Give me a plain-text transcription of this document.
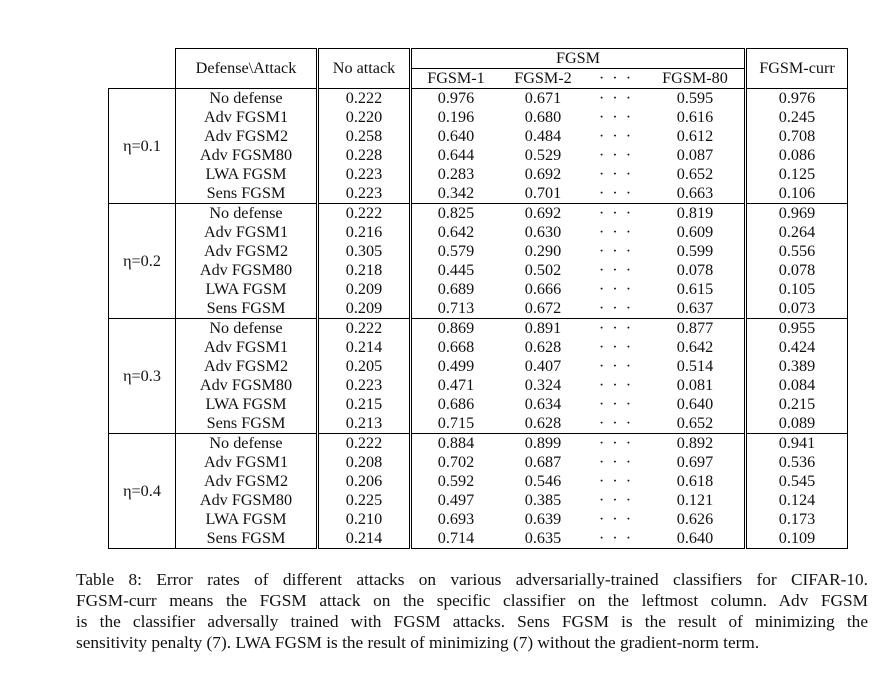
	Defense\Attack	No attack	FGSM				FGSM-curr
			FGSM-1	FGSM-2	· · ·	FGSM-80	
η=0.1	No defense	0.222	0.976	0.671	· · ·	0.595	0.976
	Adv FGSM1	0.220	0.196	0.680	· · ·	0.616	0.245
	Adv FGSM2	0.258	0.640	0.484	· · ·	0.612	0.708
	Adv FGSM80	0.228	0.644	0.529	· · ·	0.087	0.086
	LWA FGSM	0.223	0.283	0.692	· · ·	0.652	0.125
	Sens FGSM	0.223	0.342	0.701	· · ·	0.663	0.106
η=0.2	No defense	0.222	0.825	0.692	· · ·	0.819	0.969
	Adv FGSM1	0.216	0.642	0.630	· · ·	0.609	0.264
	Adv FGSM2	0.305	0.579	0.290	· · ·	0.599	0.556
	Adv FGSM80	0.218	0.445	0.502	· · ·	0.078	0.078
	LWA FGSM	0.209	0.689	0.666	· · ·	0.615	0.105
	Sens FGSM	0.209	0.713	0.672	· · ·	0.637	0.073
η=0.3	No defense	0.222	0.869	0.891	· · ·	0.877	0.955
	Adv FGSM1	0.214	0.668	0.628	· · ·	0.642	0.424
	Adv FGSM2	0.205	0.499	0.407	· · ·	0.514	0.389
	Adv FGSM80	0.223	0.471	0.324	· · ·	0.081	0.084
	LWA FGSM	0.215	0.686	0.634	· · ·	0.640	0.215
	Sens FGSM	0.213	0.715	0.628	· · ·	0.652	0.089
η=0.4	No defense	0.222	0.884	0.899	· · ·	0.892	0.941
	Adv FGSM1	0.208	0.702	0.687	· · ·	0.697	0.536
	Adv FGSM2	0.206	0.592	0.546	· · ·	0.618	0.545
	Adv FGSM80	0.225	0.497	0.385	· · ·	0.121	0.124
	LWA FGSM	0.210	0.693	0.639	· · ·	0.626	0.173
	Sens FGSM	0.214	0.714	0.635	· · ·	0.640	0.109
Table 8: Error rates of different attacks on various adversarially-trained classifiers for CIFAR-10.
FGSM-curr means the FGSM attack on the specific classifier on the leftmost column. Adv FGSM
is the classifier adversally trained with FGSM attacks. Sens FGSM is the result of minimizing the
sensitivity penalty (7). LWA FGSM is the result of minimizing (7) without the gradient-norm term.
